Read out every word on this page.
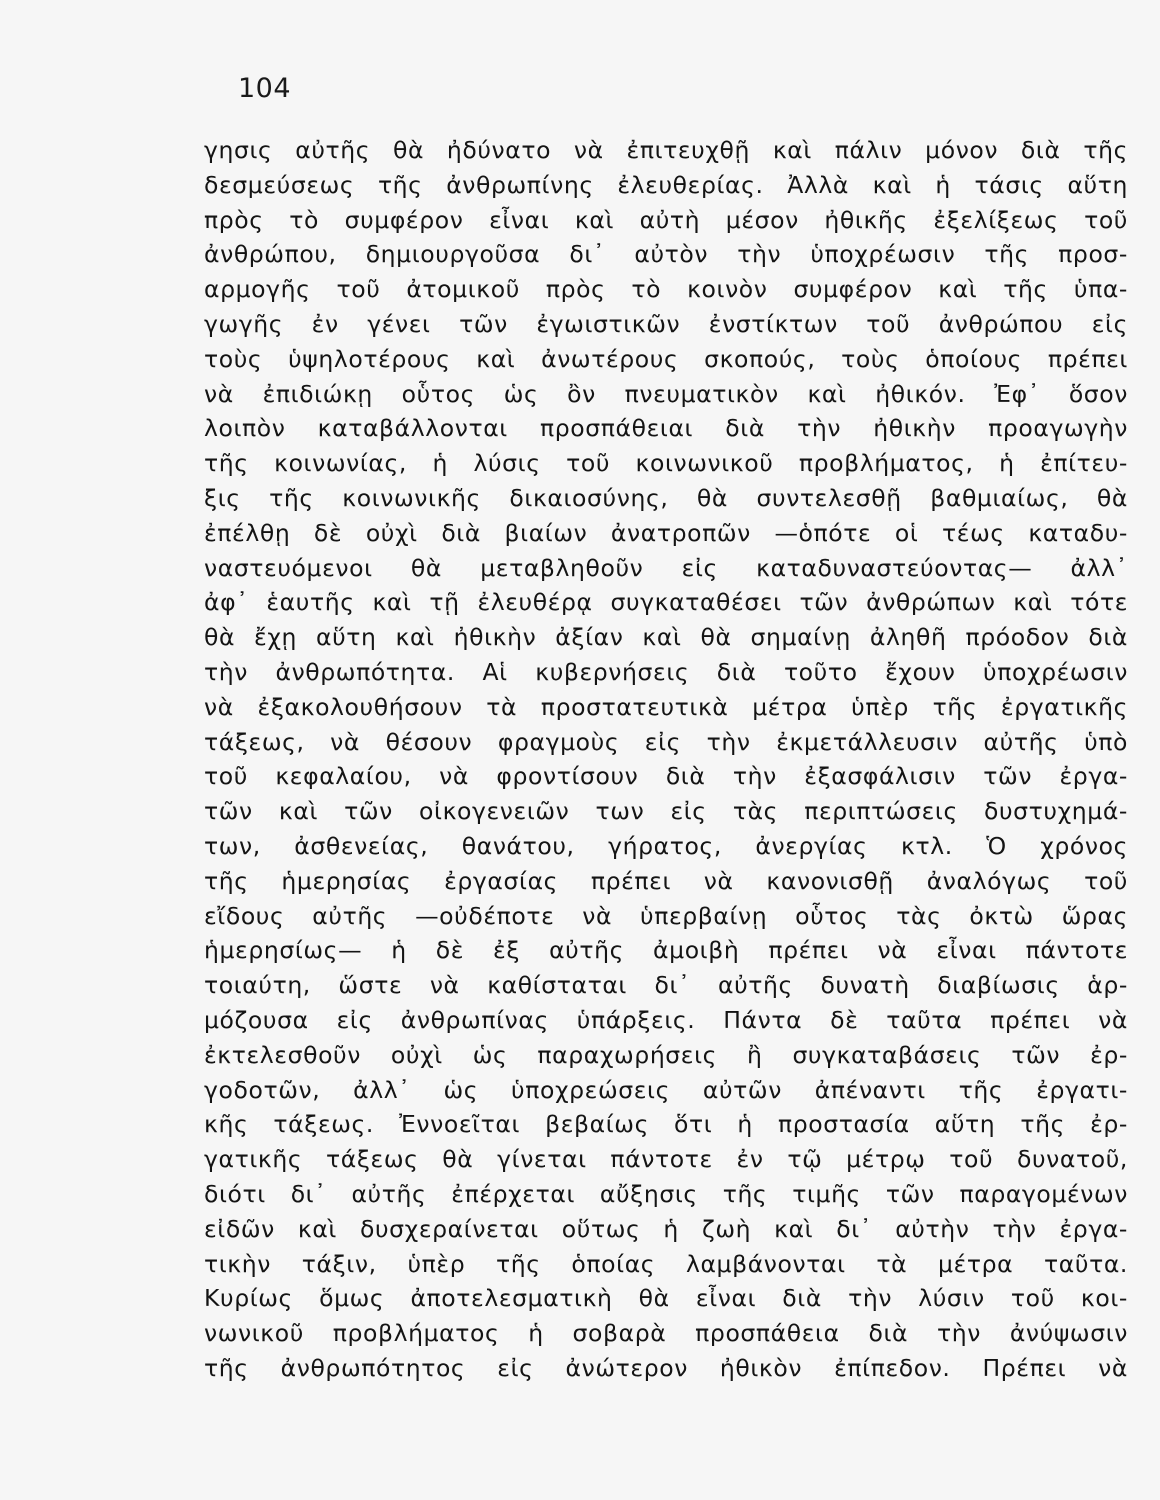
104
γησις αὐτῆς θὰ ἠδύνατο νὰ ἐπιτευχθῇ καὶ πάλιν μόνον διὰ τῆς
δεσμεύσεως τῆς ἀνθρωπίνης ἐλευθερίας. Ἀλλὰ καὶ ἡ τάσις αὕτη
πρὸς τὸ συμφέρον εἶναι καὶ αὐτὴ μέσον ἠθικῆς ἐξελίξεως τοῦ
ἀνθρώπου, δημιουργοῦσα δι᾽ αὐτὸν τὴν ὑποχρέωσιν τῆς προσ-
αρμογῆς τοῦ ἀτομικοῦ πρὸς τὸ κοινὸν συμφέρον καὶ τῆς ὑπα-
γωγῆς ἐν γένει τῶν ἐγωιστικῶν ἐνστίκτων τοῦ ἀνθρώπου εἰς
τοὺς ὑψηλοτέρους καὶ ἀνωτέρους σκοπούς, τοὺς ὁποίους πρέπει
νὰ ἐπιδιώκῃ οὗτος ὡς ὂν πνευματικὸν καὶ ἠθικόν. Ἐφ᾽ ὅσον
λοιπὸν καταβάλλονται προσπάθειαι διὰ τὴν ἠθικὴν προαγωγὴν
τῆς κοινωνίας, ἡ λύσις τοῦ κοινωνικοῦ προβλήματος, ἡ ἐπίτευ-
ξις τῆς κοινωνικῆς δικαιοσύνης, θὰ συντελεσθῇ βαθμιαίως, θὰ
ἐπέλθῃ δὲ οὐχὶ διὰ βιαίων ἀνατροπῶν —ὁπότε οἱ τέως καταδυ-
ναστευόμενοι θὰ μεταβληθοῦν εἰς καταδυναστεύοντας— ἀλλ᾽
ἀφ᾽ ἑαυτῆς καὶ τῇ ἐλευθέρᾳ συγκαταθέσει τῶν ἀνθρώπων καὶ τότε
θὰ ἔχῃ αὕτη καὶ ἠθικὴν ἀξίαν καὶ θὰ σημαίνῃ ἀληθῆ πρόοδον διὰ
τὴν ἀνθρωπότητα. Αἱ κυβερνήσεις διὰ τοῦτο ἔχουν ὑποχρέωσιν
νὰ ἐξακολουθήσουν τὰ προστατευτικὰ μέτρα ὑπὲρ τῆς ἐργατικῆς
τάξεως, νὰ θέσουν φραγμοὺς εἰς τὴν ἐκμετάλλευσιν αὐτῆς ὑπὸ
τοῦ κεφαλαίου, νὰ φροντίσουν διὰ τὴν ἐξασφάλισιν τῶν ἐργα-
τῶν καὶ τῶν οἰκογενειῶν των εἰς τὰς περιπτώσεις δυστυχημά-
των, ἀσθενείας, θανάτου, γήρατος, ἀνεργίας κτλ. Ὁ χρόνος
τῆς ἡμερησίας ἐργασίας πρέπει νὰ κανονισθῇ ἀναλόγως τοῦ
εἴδους αὐτῆς —οὐδέποτε νὰ ὑπερβαίνῃ οὗτος τὰς ὀκτὼ ὥρας
ἡμερησίως— ἡ δὲ ἐξ αὐτῆς ἀμοιβὴ πρέπει νὰ εἶναι πάντοτε
τοιαύτη, ὥστε νὰ καθίσταται δι᾽ αὐτῆς δυνατὴ διαβίωσις ἁρ-
μόζουσα εἰς ἀνθρωπίνας ὑπάρξεις. Πάντα δὲ ταῦτα πρέπει νὰ
ἐκτελεσθοῦν οὐχὶ ὡς παραχωρήσεις ἢ συγκαταβάσεις τῶν ἐρ-
γοδοτῶν, ἀλλ᾽ ὡς ὑποχρεώσεις αὐτῶν ἀπέναντι τῆς ἐργατι-
κῆς τάξεως. Ἐννοεῖται βεβαίως ὅτι ἡ προστασία αὕτη τῆς ἐρ-
γατικῆς τάξεως θὰ γίνεται πάντοτε ἐν τῷ μέτρῳ τοῦ δυνατοῦ,
διότι δι᾽ αὐτῆς ἐπέρχεται αὔξησις τῆς τιμῆς τῶν παραγομένων
εἰδῶν καὶ δυσχεραίνεται οὕτως ἡ ζωὴ καὶ δι᾽ αὐτὴν τὴν ἐργα-
τικὴν τάξιν, ὑπὲρ τῆς ὁποίας λαμβάνονται τὰ μέτρα ταῦτα.
Κυρίως ὅμως ἀποτελεσματικὴ θὰ εἶναι διὰ τὴν λύσιν τοῦ κοι-
νωνικοῦ προβλήματος ἡ σοβαρὰ προσπάθεια διὰ τὴν ἀνύψωσιν
τῆς ἀνθρωπότητος εἰς ἀνώτερον ἠθικὸν ἐπίπεδον. Πρέπει νὰ
